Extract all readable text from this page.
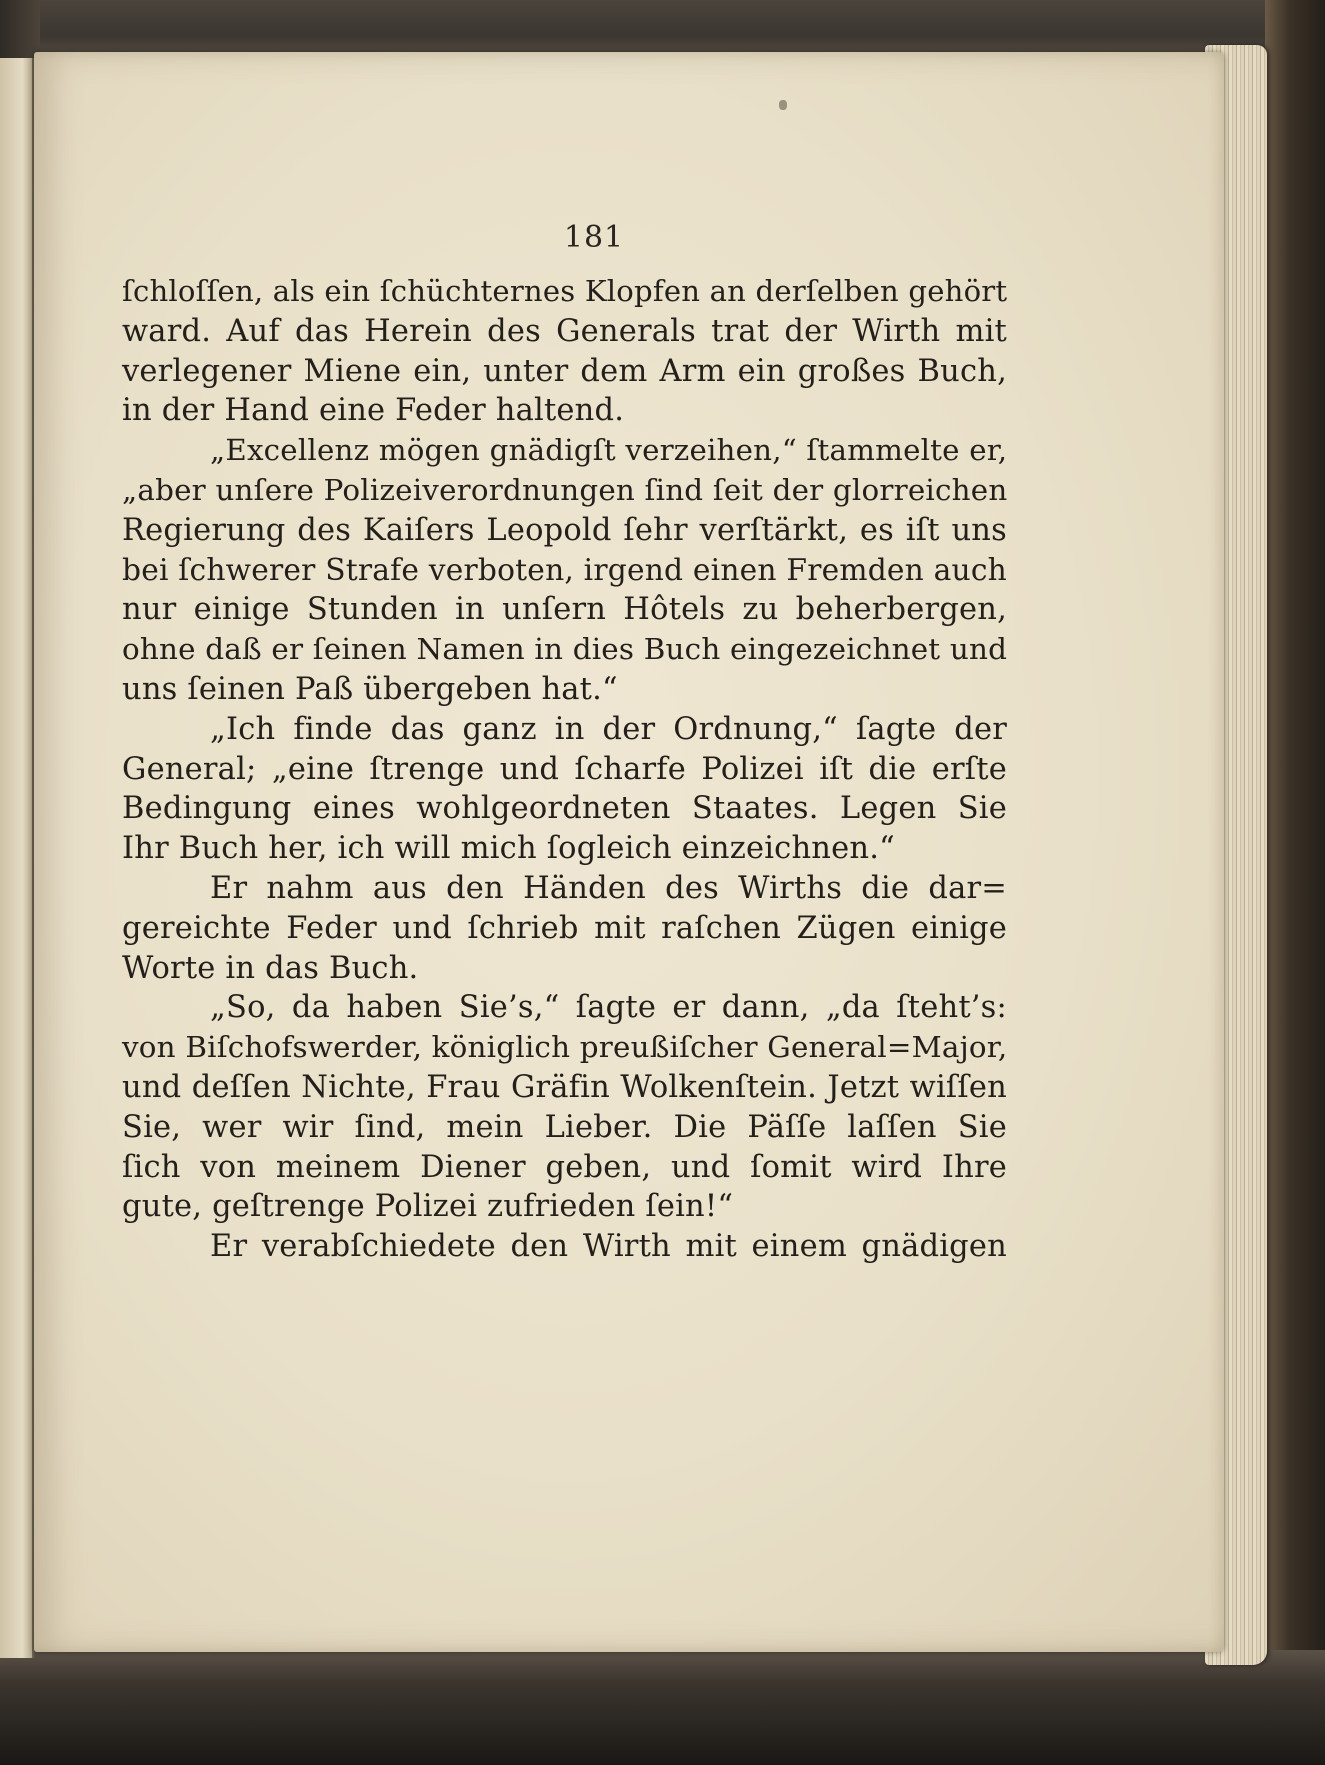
181
ſchloſſen, als ein ſchüchternes Klopfen an derſelben gehört
ward. Auf das Herein des Generals trat der Wirth mit
verlegener Miene ein, unter dem Arm ein großes Buch,
in der Hand eine Feder haltend.
„Excellenz mögen gnädigſt verzeihen,“ ſtammelte er,
„aber unſere Polizeiverordnungen ſind ſeit der glorreichen
Regierung des Kaiſers Leopold ſehr verſtärkt, es iſt uns
bei ſchwerer Strafe verboten, irgend einen Fremden auch
nur einige Stunden in unſern Hôtels zu beherbergen,
ohne daß er ſeinen Namen in dies Buch eingezeichnet und
uns ſeinen Paß übergeben hat.“
„Ich finde das ganz in der Ordnung,“ ſagte der
General; „eine ſtrenge und ſcharfe Polizei iſt die erſte
Bedingung eines wohlgeordneten Staates. Legen Sie
Ihr Buch her, ich will mich ſogleich einzeichnen.“
Er nahm aus den Händen des Wirths die dar=
gereichte Feder und ſchrieb mit raſchen Zügen einige
Worte in das Buch.
„So, da haben Sie’s,“ ſagte er dann, „da ſteht’s:
von Biſchofswerder, königlich preußiſcher General=Major,
und deſſen Nichte, Frau Gräfin Wolkenſtein. Jetzt wiſſen
Sie, wer wir ſind, mein Lieber. Die Päſſe laſſen Sie
ſich von meinem Diener geben, und ſomit wird Ihre
gute, geſtrenge Polizei zufrieden ſein!“
Er verabſchiedete den Wirth mit einem gnädigen
